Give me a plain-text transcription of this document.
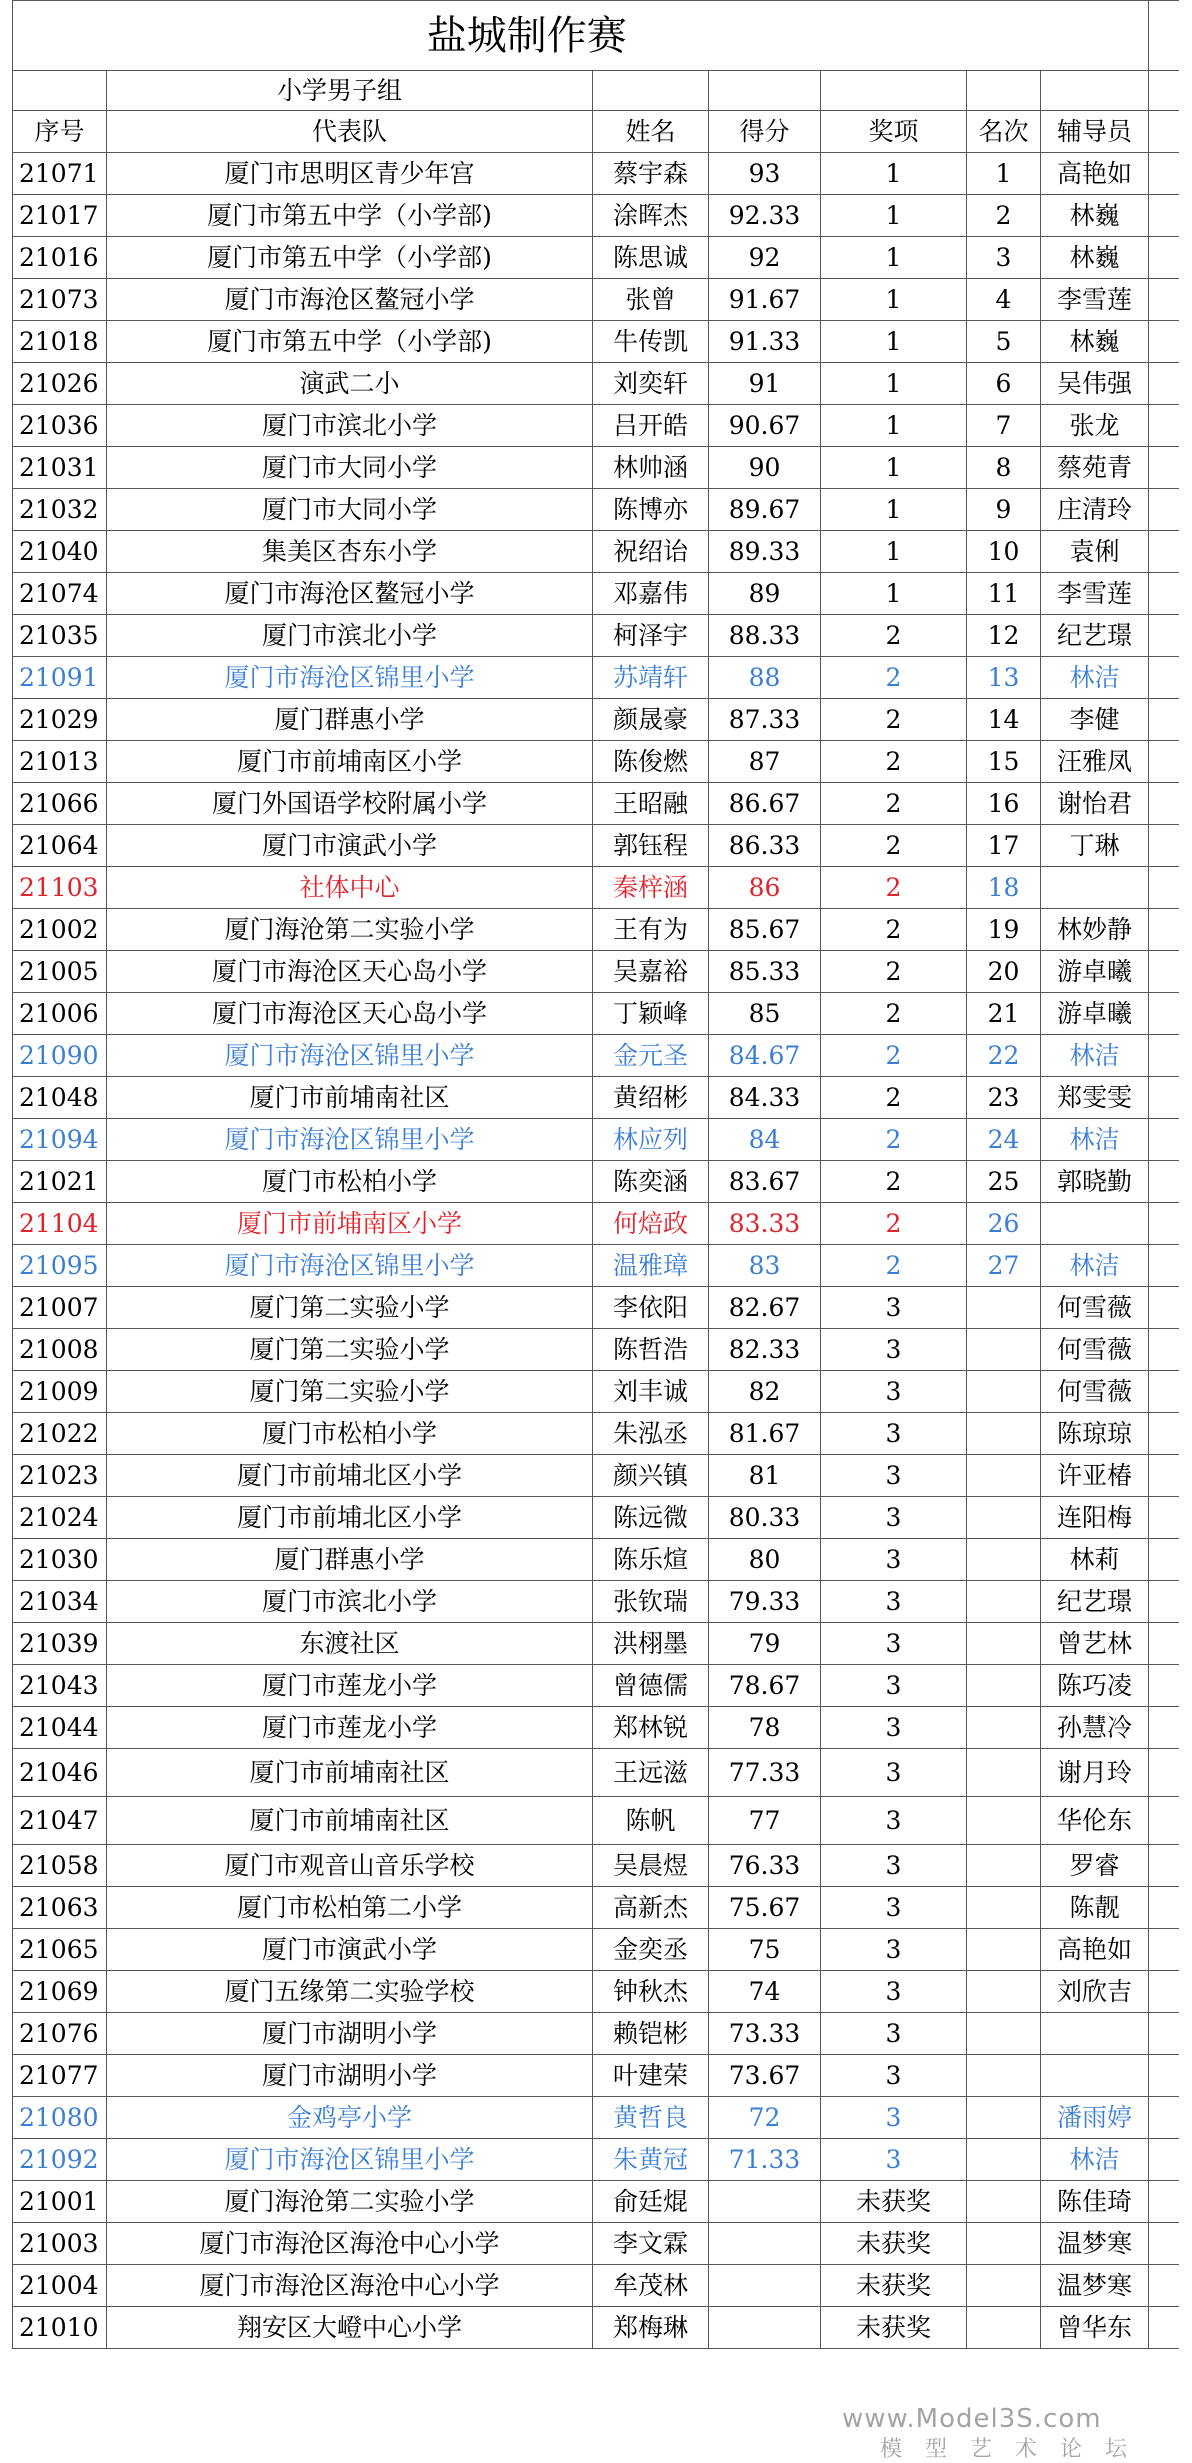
盐城制作赛							
	小学男子组						
序号	代表队	姓名	得分	奖项	名次	辅导员	
21071	厦门市思明区青少年宫	蔡宇森	93	1	1	高艳如	
21017	厦门市第五中学（小学部)	涂晖杰	92.33	1	2	林巍	
21016	厦门市第五中学（小学部)	陈思诚	92	1	3	林巍	
21073	厦门市海沧区鳌冠小学	张曾	91.67	1	4	李雪莲	
21018	厦门市第五中学（小学部)	牛传凯	91.33	1	5	林巍	
21026	演武二小	刘奕轩	91	1	6	吴伟强	
21036	厦门市滨北小学	吕开皓	90.67	1	7	张龙	
21031	厦门市大同小学	林帅涵	90	1	8	蔡苑青	
21032	厦门市大同小学	陈博亦	89.67	1	9	庄清玲	
21040	集美区杏东小学	祝绍诒	89.33	1	10	袁俐	
21074	厦门市海沧区鳌冠小学	邓嘉伟	89	1	11	李雪莲	
21035	厦门市滨北小学	柯泽宇	88.33	2	12	纪艺璟	
21091	厦门市海沧区锦里小学	苏靖轩	88	2	13	林洁	
21029	厦门群惠小学	颜晟豪	87.33	2	14	李健	
21013	厦门市前埔南区小学	陈俊燃	87	2	15	汪雅凤	
21066	厦门外国语学校附属小学	王昭融	86.67	2	16	谢怡君	
21064	厦门市演武小学	郭钰程	86.33	2	17	丁琳	
21103	社体中心	秦梓涵	86	2	18		
21002	厦门海沧第二实验小学	王有为	85.67	2	19	林妙静	
21005	厦门市海沧区天心岛小学	吴嘉裕	85.33	2	20	游卓曦	
21006	厦门市海沧区天心岛小学	丁颖峰	85	2	21	游卓曦	
21090	厦门市海沧区锦里小学	金元圣	84.67	2	22	林洁	
21048	厦门市前埔南社区	黄绍彬	84.33	2	23	郑雯雯	
21094	厦门市海沧区锦里小学	林应列	84	2	24	林洁	
21021	厦门市松柏小学	陈奕涵	83.67	2	25	郭晓勤	
21104	厦门市前埔南区小学	何焙政	83.33	2	26		
21095	厦门市海沧区锦里小学	温雅璋	83	2	27	林洁	
21007	厦门第二实验小学	李依阳	82.67	3		何雪薇	
21008	厦门第二实验小学	陈哲浩	82.33	3		何雪薇	
21009	厦门第二实验小学	刘丰诚	82	3		何雪薇	
21022	厦门市松柏小学	朱泓丞	81.67	3		陈琼琼	
21023	厦门市前埔北区小学	颜兴镇	81	3		许亚椿	
21024	厦门市前埔北区小学	陈远微	80.33	3		连阳梅	
21030	厦门群惠小学	陈乐煊	80	3		林莉	
21034	厦门市滨北小学	张钦瑞	79.33	3		纪艺璟	
21039	东渡社区	洪栩墨	79	3		曾艺林	
21043	厦门市莲龙小学	曾德儒	78.67	3		陈巧凌	
21044	厦门市莲龙小学	郑林锐	78	3		孙慧冷	
21046	厦门市前埔南社区	王远滋	77.33	3		谢月玲	
21047	厦门市前埔南社区	陈帆	77	3		华伦东	
21058	厦门市观音山音乐学校	吴晨煜	76.33	3		罗睿	
21063	厦门市松柏第二小学	高新杰	75.67	3		陈靓	
21065	厦门市演武小学	金奕丞	75	3		高艳如	
21069	厦门五缘第二实验学校	钟秋杰	74	3		刘欣吉	
21076	厦门市湖明小学	赖铠彬	73.33	3			
21077	厦门市湖明小学	叶建荣	73.67	3			
21080	金鸡亭小学	黄哲良	72	3		潘雨婷	
21092	厦门市海沧区锦里小学	朱黄冠	71.33	3		林洁	
21001	厦门海沧第二实验小学	俞廷焜		未获奖		陈佳琦	
21003	厦门市海沧区海沧中心小学	李文霖		未获奖		温梦寒	
21004	厦门市海沧区海沧中心小学	牟茂林		未获奖		温梦寒	
21010	翔安区大嶝中心小学	郑梅琳		未获奖		曾华东	
www.Model3S.com
模 型 艺 术 论 坛
